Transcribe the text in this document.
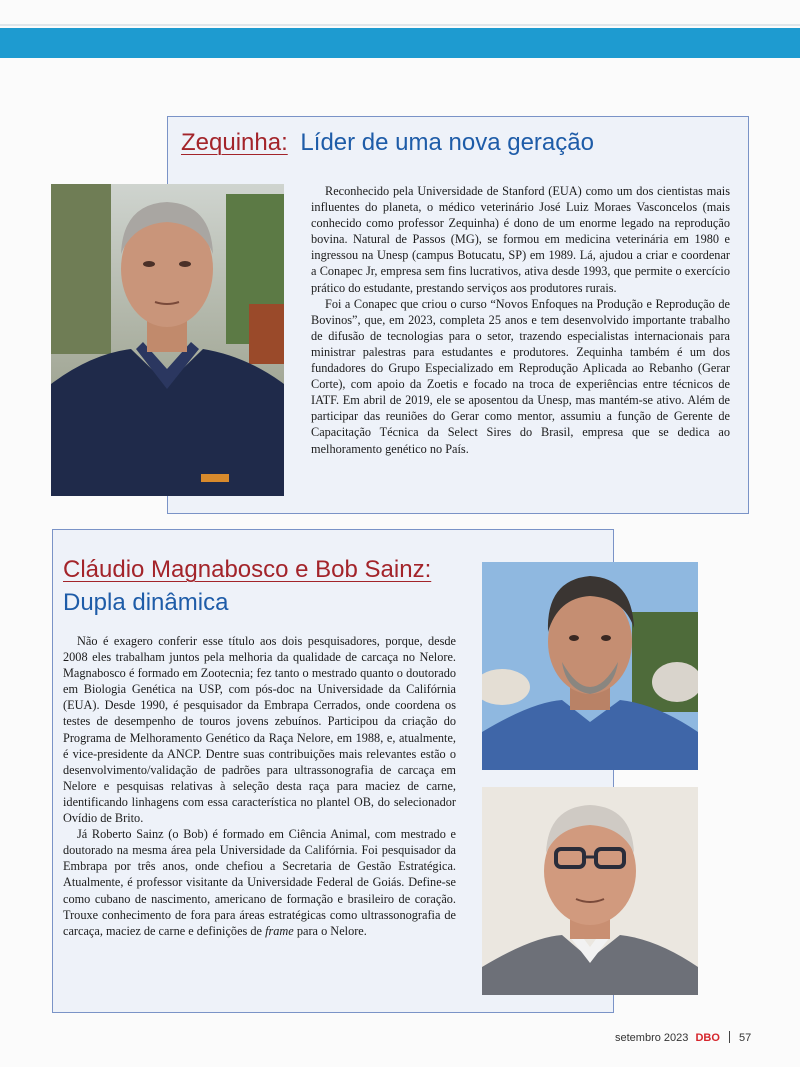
Zequinha: Líder de uma nova geração

Reconhecido pela Universidade de Stanford (EUA) como um dos cientistas mais influentes do planeta, o médico veterinário José Luiz Moraes Vasconcelos (mais conhecido como professor Zequinha) é dono de um enorme legado na reprodução bovina. Natural de Passos (MG), se formou em medicina veterinária em 1980 e ingressou na Unesp (campus Botucatu, SP) em 1989. Lá, ajudou a criar e coordenar a Conapec Jr, empresa sem fins lucrativos, ativa desde 1993, que permite o exercício prático do estudante, prestando serviços aos produtores rurais.

Foi a Conapec que criou o curso “Novos Enfoques na Produção e Reprodução de Bovinos”, que, em 2023, completa 25 anos e tem desenvolvido importante trabalho de difusão de tecnologias para o setor, trazendo especialistas internacionais para ministrar palestras para estudantes e produtores. Zequinha também é um dos fundadores do Grupo Especializado em Reprodução Aplicada ao Rebanho (Gerar Corte), com apoio da Zoetis e focado na troca de experiências entre técnicos de IATF. Em abril de 2019, ele se aposentou da Unesp, mas mantém-se ativo. Além de participar das reuniões do Gerar como mentor, assumiu a função de Gerente de Capacitação Técnica da Select Sires do Brasil, empresa que se dedica ao melhoramento genético no País.

Cláudio Magnabosco e Bob Sainz:
Dupla dinâmica

Não é exagero conferir esse título aos dois pesquisadores, porque, desde 2008 eles trabalham juntos pela melhoria da qualidade de carcaça no Nelore. Magnabosco é formado em Zootecnia; fez tanto o mestrado quanto o doutorado em Biologia Genética na USP, com pós-doc na Universidade da Califórnia (EUA). Desde 1990, é pesquisador da Embrapa Cerrados, onde coordena os testes de desempenho de touros jovens zebuínos. Participou da criação do Programa de Melhoramento Genético da Raça Nelore, em 1988, e, atualmente, é vice-presidente da ANCP. Dentre suas contribuições mais relevantes estão o desenvolvimento/validação de padrões para ultrassonografia de carcaça em Nelore e pesquisas relativas à seleção desta raça para maciez de carne, identificando linhagens com essa característica no plantel OB, do selecionador Ovídio de Brito.

Já Roberto Sainz (o Bob) é formado em Ciência Animal, com mestrado e doutorado na mesma área pela Universidade da Califórnia. Foi pesquisador da Embrapa por três anos, onde chefiou a Secretaria de Gestão Estratégica. Atualmente, é professor visitante da Universidade Federal de Goiás. Define-se como cubano de nascimento, americano de formação e brasileiro de coração. Trouxe conhecimento de fora para áreas estratégicas como ultrassonografia de carcaça, maciez de carne e definições de frame para o Nelore.

setembro 2023 DBO 57
